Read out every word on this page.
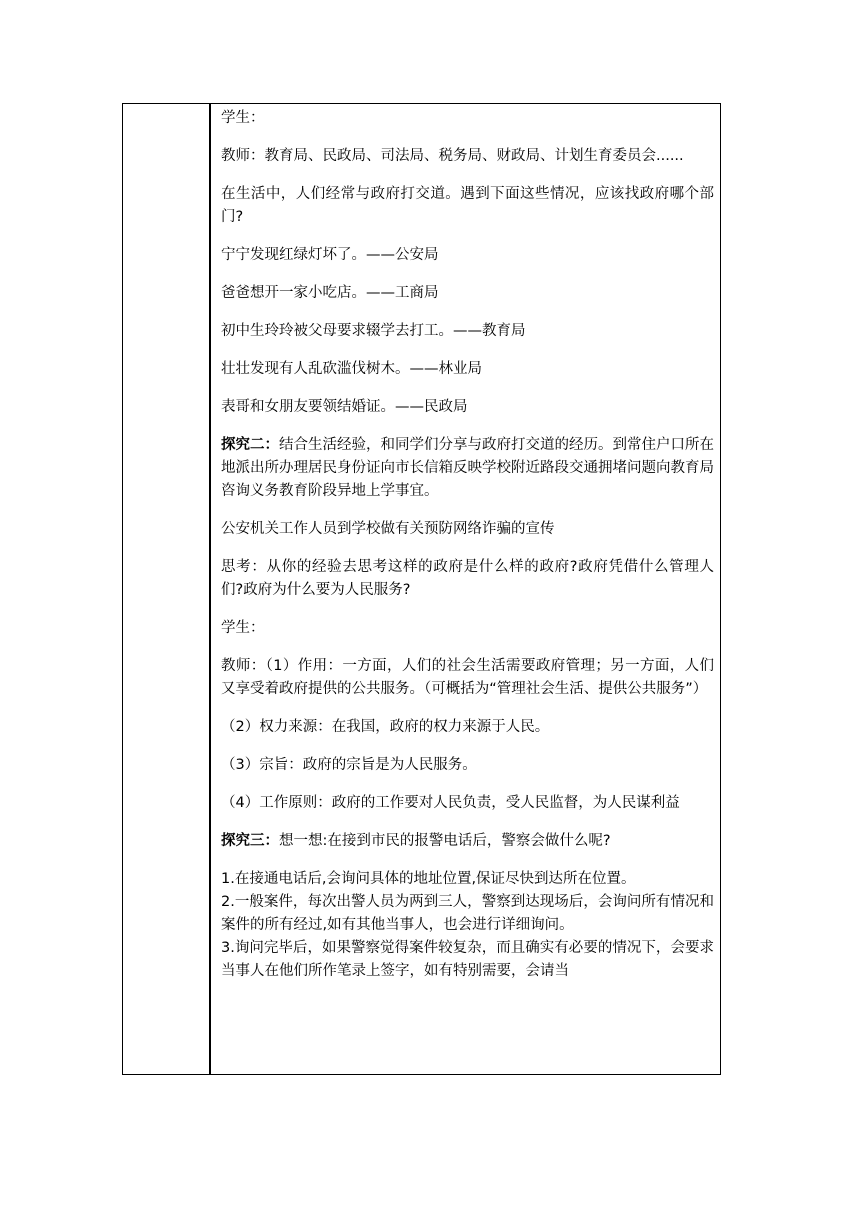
学生：

教师：教育局、民政局、司法局、税务局、财政局、计划生育委员会......

在生活中，人们经常与政府打交道。遇到下面这些情况，应该找政府哪个部门?

宁宁发现红绿灯坏了。——公安局

爸爸想开一家小吃店。——工商局

初中生玲玲被父母要求辍学去打工。——教育局

壮壮发现有人乱砍滥伐树木。——林业局

表哥和女朋友要领结婚证。——民政局

探究二：结合生活经验，和同学们分享与政府打交道的经历。到常住户口所在地派出所办理居民身份证向市长信箱反映学校附近路段交通拥堵问题向教育局咨询义务教育阶段异地上学事宜。

公安机关工作人员到学校做有关预防网络诈骗的宣传

思考：从你的经验去思考这样的政府是什么样的政府?政府凭借什么管理人们?政府为什么要为人民服务?

学生：

教师：（1）作用：一方面，人们的社会生活需要政府管理；另一方面，人们又享受着政府提供的公共服务。（可概括为“管理社会生活、提供公共服务”）

（2）权力来源：在我国，政府的权力来源于人民。

（3）宗旨：政府的宗旨是为人民服务。

（4）工作原则：政府的工作要对人民负责，受人民监督，为人民谋利益

探究三：想一想:在接到市民的报警电话后，警察会做什么呢?

1.在接通电话后,会询问具体的地址位置,保证尽快到达所在位置。

2.一般案件，每次出警人员为两到三人，警察到达现场后，会询问所有情况和案件的所有经过,如有其他当事人，也会进行详细询问。

3.询问完毕后，如果警察觉得案件较复杂，而且确实有必要的情况下，会要求当事人在他们所作笔录上签字，如有特别需要，会请当
